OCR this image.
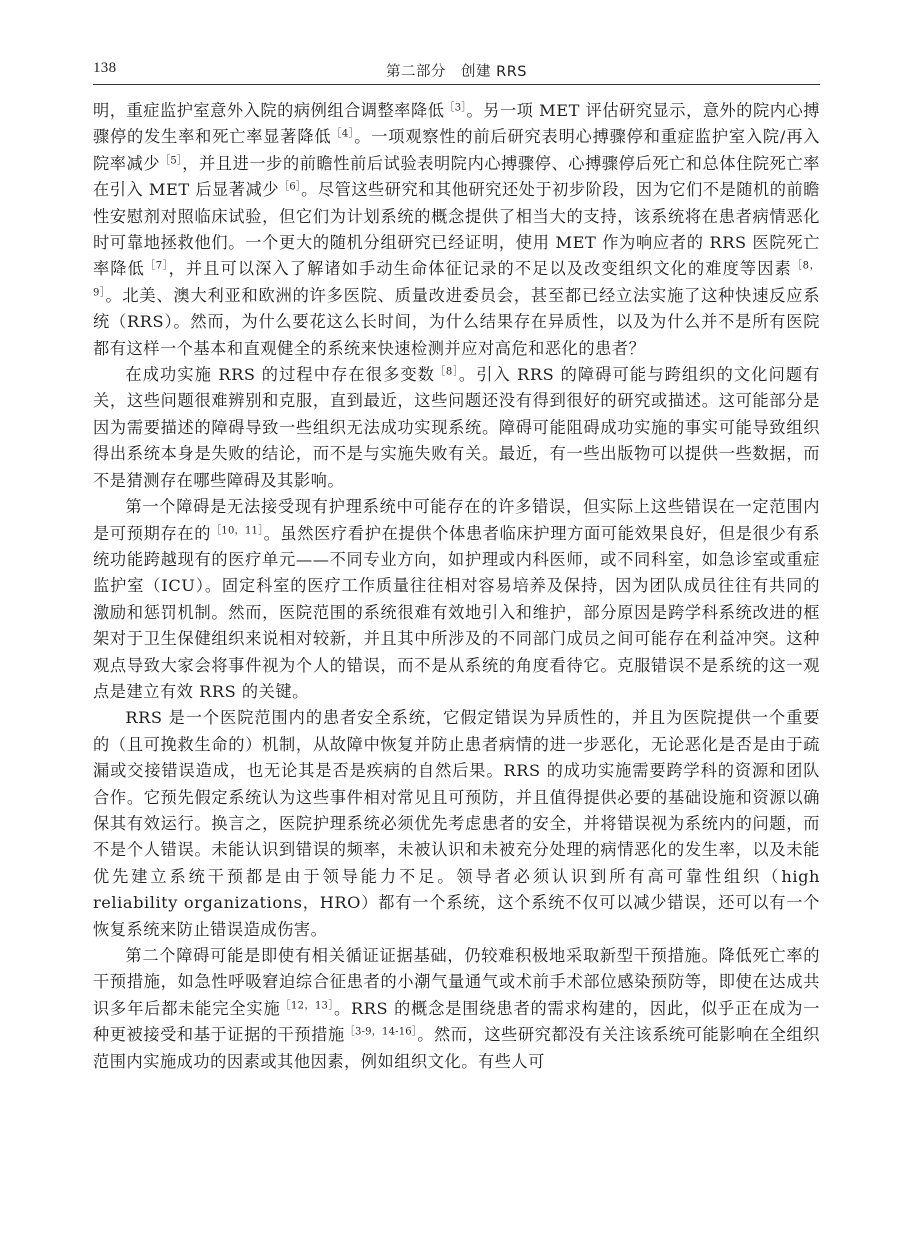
138	第二部分　创建 RRS

明，重症监护室意外入院的病例组合调整率降低$^{[3]}$。另一项 MET 评估研究显示，意外的院内心搏骤停的发生率和死亡率显著降低$^{[4]}$。一项观察性的前后研究表明心搏骤停和重症监护室入院/再入院率减少$^{[5]}$，并且进一步的前瞻性前后试验表明院内心搏骤停、心搏骤停后死亡和总体住院死亡率在引入 MET 后显著减少$^{[6]}$。尽管这些研究和其他研究还处于初步阶段，因为它们不是随机的前瞻性安慰剂对照临床试验，但它们为计划系统的概念提供了相当大的支持，该系统将在患者病情恶化时可靠地拯救他们。一个更大的随机分组研究已经证明，使用 MET 作为响应者的 RRS 医院死亡率降低$^{[7]}$，并且可以深入了解诸如手动生命体征记录的不足以及改变组织文化的难度等因素$^{[8,9]}$。北美、澳大利亚和欧洲的许多医院、质量改进委员会，甚至都已经立法实施了这种快速反应系统（RRS）。然而，为什么要花这么长时间，为什么结果存在异质性，以及为什么并不是所有医院都有这样一个基本和直观健全的系统来快速检测并应对高危和恶化的患者？

在成功实施 RRS 的过程中存在很多变数$^{[8]}$。引入 RRS 的障碍可能与跨组织的文化问题有关，这些问题很难辨别和克服，直到最近，这些问题还没有得到很好的研究或描述。这可能部分是因为需要描述的障碍导致一些组织无法成功实现系统。障碍可能阻碍成功实施的事实可能导致组织得出系统本身是失败的结论，而不是与实施失败有关。最近，有一些出版物可以提供一些数据，而不是猜测存在哪些障碍及其影响。

第一个障碍是无法接受现有护理系统中可能存在的许多错误，但实际上这些错误在一定范围内是可预期存在的$^{[10,11]}$。虽然医疗看护在提供个体患者临床护理方面可能效果良好，但是很少有系统功能跨越现有的医疗单元——不同专业方向，如护理或内科医师，或不同科室，如急诊室或重症监护室（ICU）。固定科室的医疗工作质量往往相对容易培养及保持，因为团队成员往往有共同的激励和惩罚机制。然而，医院范围的系统很难有效地引入和维护，部分原因是跨学科系统改进的框架对于卫生保健组织来说相对较新，并且其中所涉及的不同部门成员之间可能存在利益冲突。这种观点导致大家会将事件视为个人的错误，而不是从系统的角度看待它。克服错误不是系统的这一观点是建立有效 RRS 的关键。

RRS 是一个医院范围内的患者安全系统，它假定错误为异质性的，并且为医院提供一个重要的（且可挽救生命的）机制，从故障中恢复并防止患者病情的进一步恶化，无论恶化是否是由于疏漏或交接错误造成，也无论其是否是疾病的自然后果。RRS 的成功实施需要跨学科的资源和团队合作。它预先假定系统认为这些事件相对常见且可预防，并且值得提供必要的基础设施和资源以确保其有效运行。换言之，医院护理系统必须优先考虑患者的安全，并将错误视为系统内的问题，而不是个人错误。未能认识到错误的频率，未被认识和未被充分处理的病情恶化的发生率，以及未能优先建立系统干预都是由于领导能力不足。领导者必须认识到所有高可靠性组织（high reliability organizations，HRO）都有一个系统，这个系统不仅可以减少错误，还可以有一个恢复系统来防止错误造成伤害。

第二个障碍可能是即使有相关循证证据基础，仍较难积极地采取新型干预措施。降低死亡率的干预措施，如急性呼吸窘迫综合征患者的小潮气量通气或术前手术部位感染预防等，即使在达成共识多年后都未能完全实施$^{[12,13]}$。RRS 的概念是围绕患者的需求构建的，因此，似乎正在成为一种更被接受和基于证据的干预措施$^{[3-9,14-16]}$。然而，这些研究都没有关注该系统可能影响在全组织范围内实施成功的因素或其他因素，例如组织文化。有些人可
